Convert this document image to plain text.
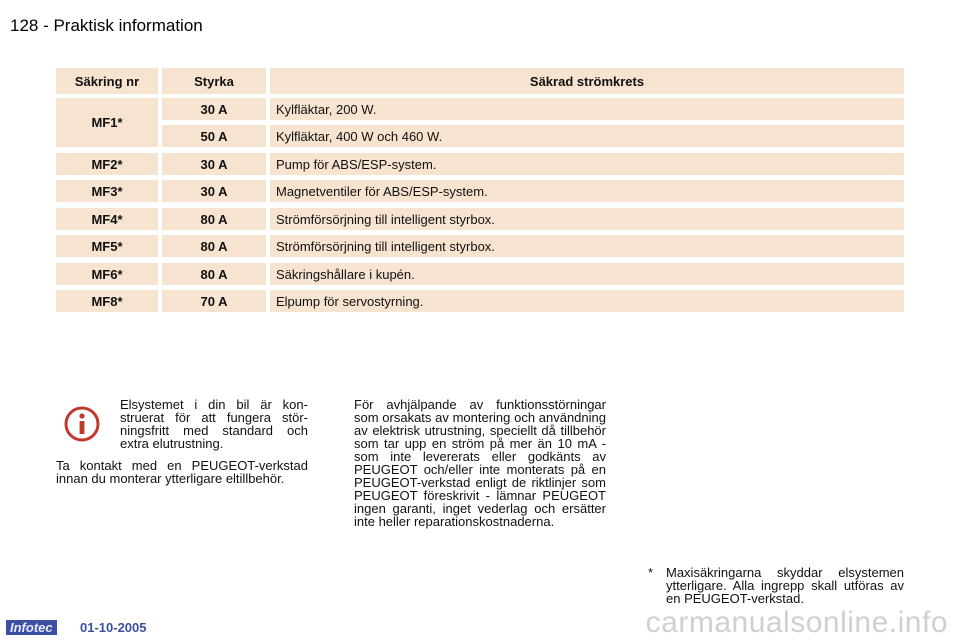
128 - Praktisk information
Säkring nr	Styrka	Säkrad strömkrets
MF1*
30 A	Kylfläktar, 200 W.
50 A	Kylfläktar, 400 W och 460 W.
MF2*	30 A	Pump för ABS/ESP-system.
MF3*	30 A	Magnetventiler för ABS/ESP-system.
MF4*	80 A	Strömförsörjning till intelligent styrbox.
MF5*	80 A	Strömförsörjning till intelligent styrbox.
MF6*	80 A	Säkringshållare i kupén.
MF8*	70 A	Elpump för servostyrning.
Elsystemet i din bil är konstruerat för att fungera störningsfritt med standard och extra elutrustning.
Ta kontakt med en PEUGEOT-verkstad innan du monterar ytterligare eltillbehör.
För avhjälpande av funktionsstörningar som orsakats av montering och användning av elektrisk utrustning, speciellt då tillbehör som tar upp en ström på mer än 10 mA - som inte levererats eller godkänts av PEUGEOT och/eller inte monterats på en PEUGEOT-verkstad enligt de riktlinjer som PEUGEOT föreskrivit - lämnar PEUGEOT ingen garanti, inget vederlag och ersätter inte heller reparationskostnaderna.
* Maxisäkringarna skyddar elsystemen ytterligare. Alla ingrepp skall utföras av en PEUGEOT-verkstad.
Infotec	01-10-2005	carmanualsonline.info
